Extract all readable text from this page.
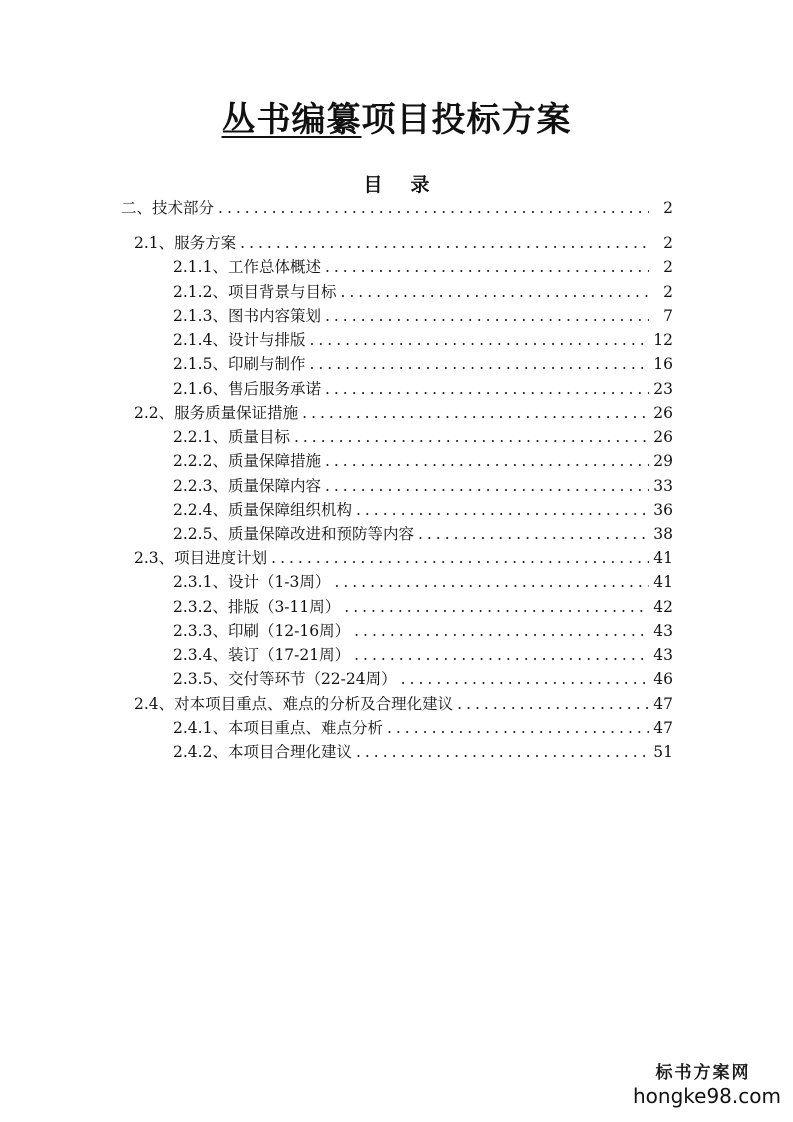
丛书编纂项目投标方案
目录
二、技术部分 .....	2
2.1、服务方案 .....	2
2.1.1、工作总体概述 .....	2
2.1.2、项目背景与目标 .....	2
2.1.3、图书内容策划 .....	7
2.1.4、设计与排版 .....	12
2.1.5、印刷与制作 .....	16
2.1.6、售后服务承诺 .....	23
2.2、服务质量保证措施 .....	26
2.2.1、质量目标 .....	26
2.2.2、质量保障措施 .....	29
2.2.3、质量保障内容 .....	33
2.2.4、质量保障组织机构 .....	36
2.2.5、质量保障改进和预防等内容 .....	38
2.3、项目进度计划 .....	41
2.3.1、设计（1-3周） .....	41
2.3.2、排版（3-11周） .....	42
2.3.3、印刷（12-16周） .....	43
2.3.4、装订（17-21周） .....	43
2.3.5、交付等环节（22-24周） .....	46
2.4、对本项目重点、难点的分析及合理化建议 .....	47
2.4.1、本项目重点、难点分析 .....	47
2.4.2、本项目合理化建议 .....	51
标书方案网
hongke98.com
